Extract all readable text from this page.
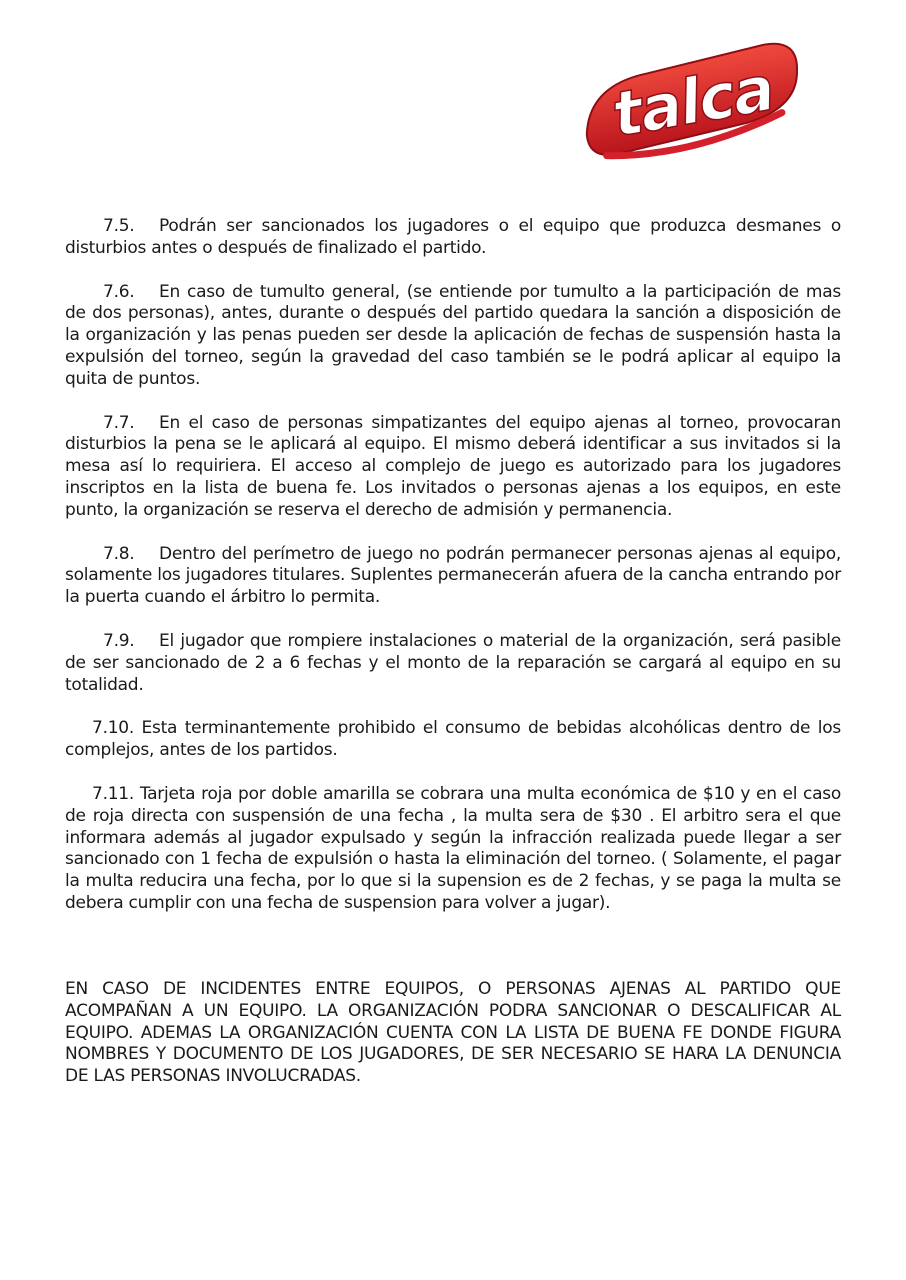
talca

7.5. Podrán ser sancionados los jugadores o el equipo que produzca desmanes o disturbios antes o después de finalizado el partido.

7.6. En caso de tumulto general, (se entiende por tumulto a la participación de mas de dos personas), antes, durante o después del partido quedara la sanción a disposición de la organización y las penas pueden ser desde la aplicación de fechas de suspensión hasta la expulsión del torneo, según la gravedad del caso también se le podrá aplicar al equipo la quita de puntos.

7.7. En el caso de personas simpatizantes del equipo ajenas al torneo, provocaran disturbios la pena se le aplicará al equipo. El mismo deberá identificar a sus invitados si la mesa así lo requiriera. El acceso al complejo de juego es autorizado para los jugadores inscriptos en la lista de buena fe. Los invitados o personas ajenas a los equipos, en este punto, la organización se reserva el derecho de admisión y permanencia.

7.8. Dentro del perímetro de juego no podrán permanecer personas ajenas al equipo, solamente los jugadores titulares. Suplentes permanecerán afuera de la cancha entrando por la puerta cuando el árbitro lo permita.

7.9. El jugador que rompiere instalaciones o material de la organización, será pasible de ser sancionado de 2 a 6 fechas y el monto de la reparación se cargará al equipo en su totalidad.

7.10. Esta terminantemente prohibido el consumo de bebidas alcohólicas dentro de los complejos, antes de los partidos.

7.11. Tarjeta roja por doble amarilla se cobrara una multa económica de $10 y en el caso de roja directa con suspensión de una fecha , la multa sera de $30 . El arbitro sera el que informara además al jugador expulsado y según la infracción realizada puede llegar a ser sancionado con 1 fecha de expulsión o hasta la eliminación del torneo. ( Solamente, el pagar la multa reducira una fecha, por lo que si la supension es de 2 fechas, y se paga la multa se debera cumplir con una fecha de suspension para volver a jugar).

EN CASO DE INCIDENTES ENTRE EQUIPOS, O PERSONAS AJENAS AL PARTIDO QUE ACOMPAÑAN A UN EQUIPO. LA ORGANIZACIÓN PODRA SANCIONAR O DESCALIFICAR AL EQUIPO. ADEMAS LA ORGANIZACIÓN CUENTA CON LA LISTA DE BUENA FE DONDE FIGURA NOMBRES Y DOCUMENTO DE LOS JUGADORES, DE SER NECESARIO SE HARA LA DENUNCIA DE LAS PERSONAS INVOLUCRADAS.
